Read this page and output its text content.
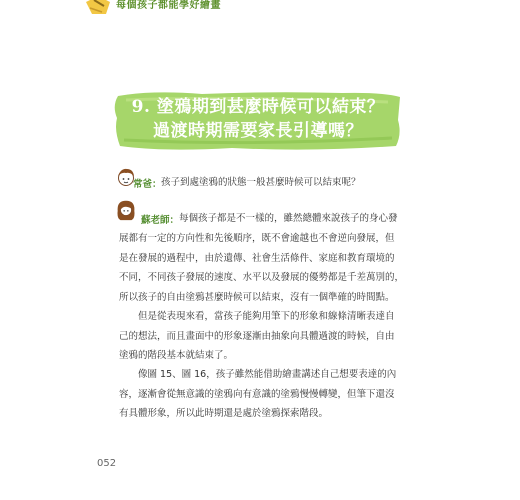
每個孩子都能學好繪畫
9. 塗鴉期到甚麼時候可以結束？
過渡時期需要家長引導嗎？
常爸： 孩子到處塗鴉的狀態一般甚麼時候可以結束呢？
蘇老師： 每個孩子都是不一樣的，雖然總體來說孩子的身心發
展都有一定的方向性和先後順序，既不會逾越也不會逆向發展，但
是在發展的過程中，由於遺傳、社會生活條件、家庭和教育環境的
不同，不同孩子發展的速度、水平以及發展的優勢都是千差萬別的，
所以孩子的自由塗鴉甚麼時候可以結束，沒有一個準確的時間點。
但是從表現來看，當孩子能夠用筆下的形象和線條清晰表達自
己的想法，而且畫面中的形象逐漸由抽象向具體過渡的時候，自由
塗鴉的階段基本就結束了。
像圖 15、圖 16，孩子雖然能借助繪畫講述自己想要表達的內
容，逐漸會從無意識的塗鴉向有意識的塗鴉慢慢轉變，但筆下還沒
有具體形象，所以此時期還是處於塗鴉探索階段。
052
